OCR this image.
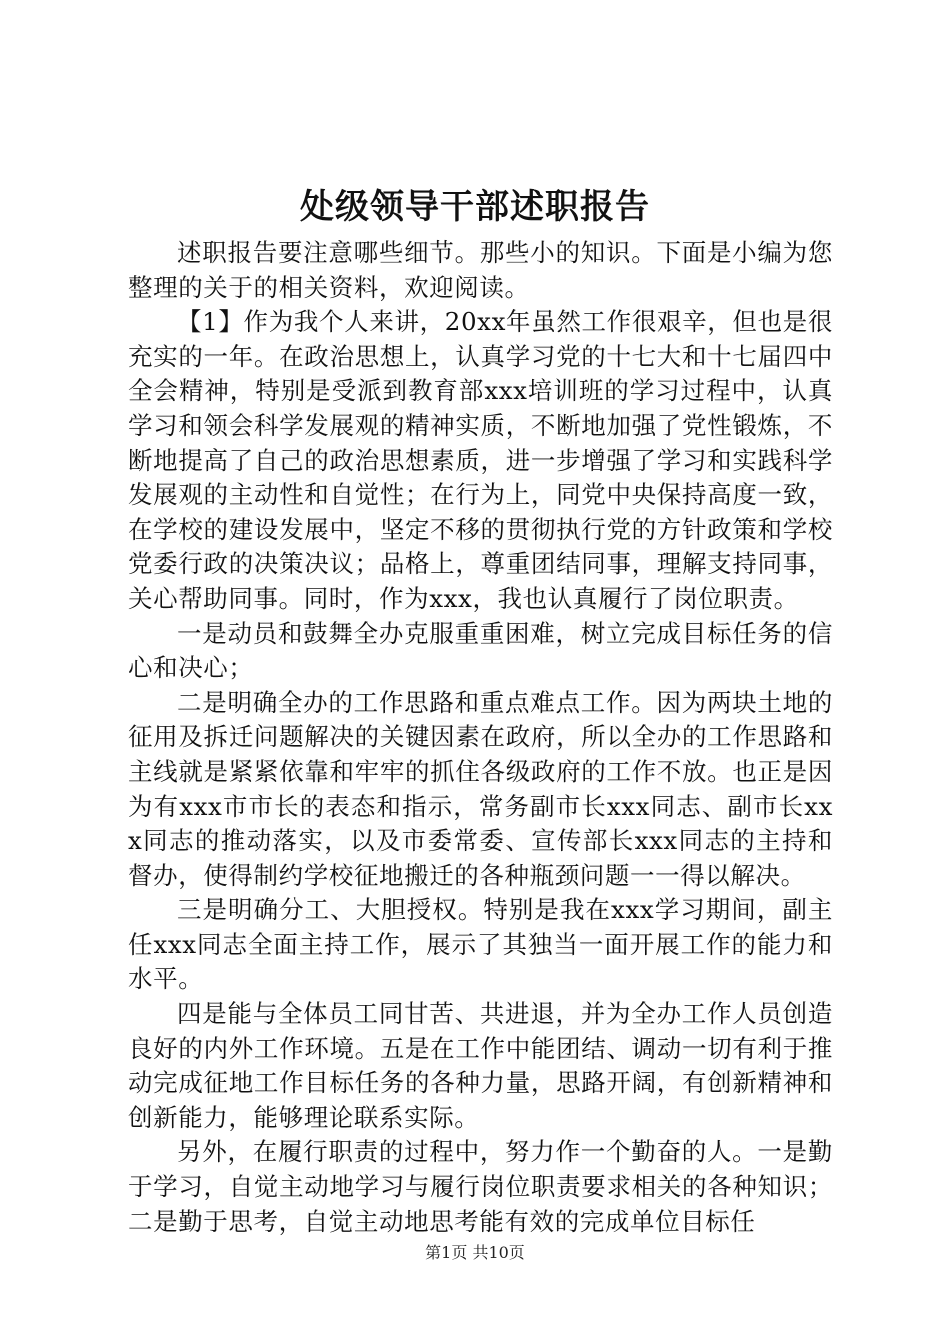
处级领导干部述职报告

述职报告要注意哪些细节。那些小的知识。下面是小编为您整理的关于的相关资料，欢迎阅读。

【1】作为我个人来讲，20xx年虽然工作很艰辛，但也是很充实的一年。在政治思想上，认真学习党的十七大和十七届四中全会精神，特别是受派到教育部xxx培训班的学习过程中，认真学习和领会科学发展观的精神实质，不断地加强了党性锻炼，不断地提高了自己的政治思想素质，进一步增强了学习和实践科学发展观的主动性和自觉性；在行为上，同党中央保持高度一致，在学校的建设发展中，坚定不移的贯彻执行党的方针政策和学校党委行政的决策决议；品格上，尊重团结同事，理解支持同事，关心帮助同事。同时，作为xxx，我也认真履行了岗位职责。

一是动员和鼓舞全办克服重重困难，树立完成目标任务的信心和决心；

二是明确全办的工作思路和重点难点工作。因为两块土地的征用及拆迁问题解决的关键因素在政府，所以全办的工作思路和主线就是紧紧依靠和牢牢的抓住各级政府的工作不放。也正是因为有xxx市市长的表态和指示，常务副市长xxx同志、副市长xxx同志的推动落实，以及市委常委、宣传部长xxx同志的主持和督办，使得制约学校征地搬迁的各种瓶颈问题一一得以解决。

三是明确分工、大胆授权。特别是我在xxx学习期间，副主任xxx同志全面主持工作，展示了其独当一面开展工作的能力和水平。

四是能与全体员工同甘苦、共进退，并为全办工作人员创造良好的内外工作环境。五是在工作中能团结、调动一切有利于推动完成征地工作目标任务的各种力量，思路开阔，有创新精神和创新能力，能够理论联系实际。

另外，在履行职责的过程中，努力作一个勤奋的人。一是勤于学习，自觉主动地学习与履行岗位职责要求相关的各种知识；二是勤于思考，自觉主动地思考能有效的完成单位目标任

第1页 共10页
